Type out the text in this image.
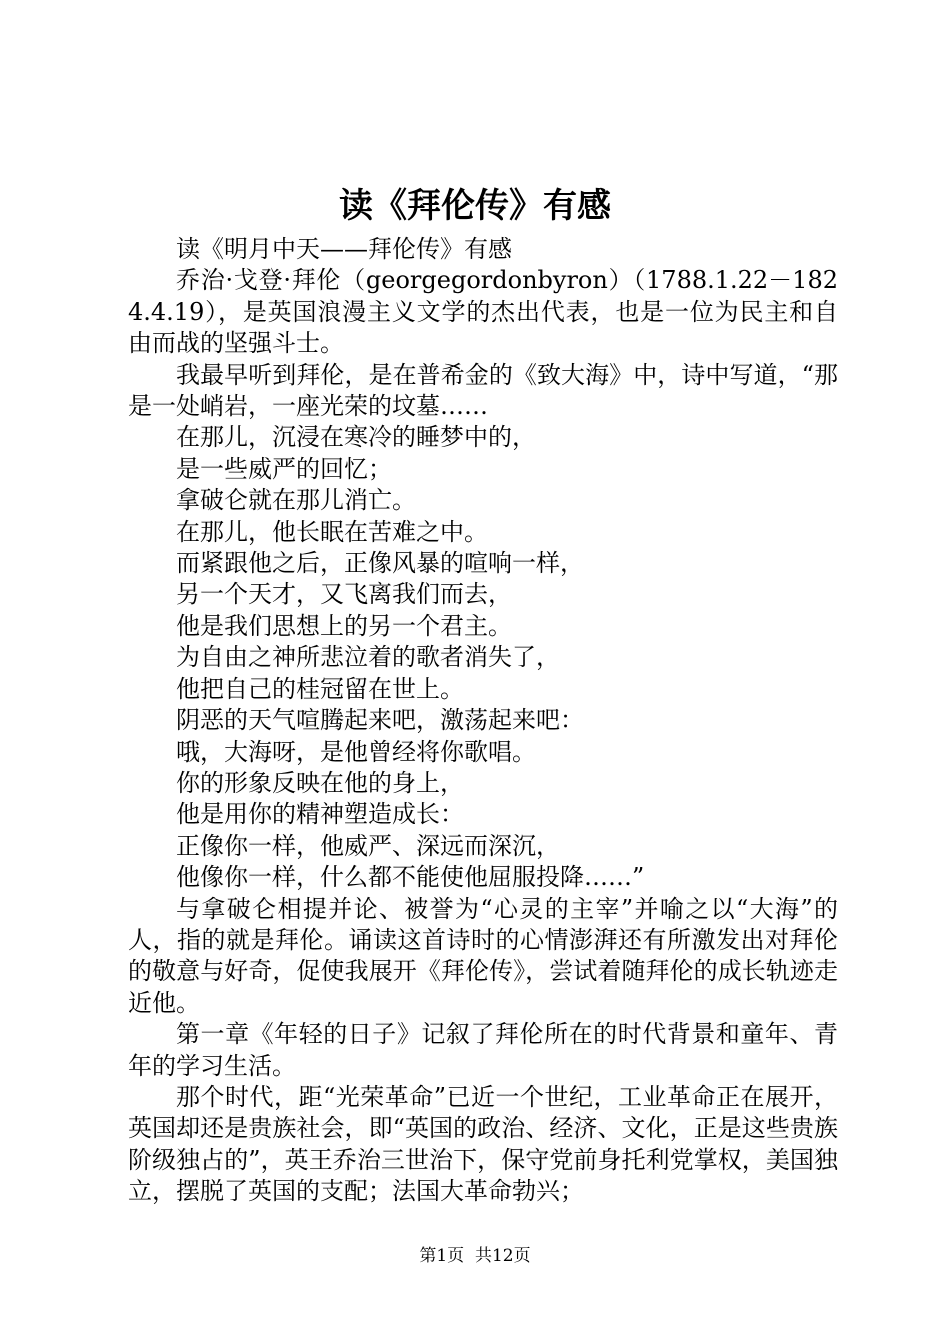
读《拜伦传》有感

读《明月中天——拜伦传》有感

乔治·戈登·拜伦（georgegordonbyron）（1788.1.22－1824.4.19），是英国浪漫主义文学的杰出代表，也是一位为民主和自由而战的坚强斗士。

我最早听到拜伦，是在普希金的《致大海》中，诗中写道，“那是一处峭岩，一座光荣的坟墓……

在那儿，沉浸在寒冷的睡梦中的，

是一些威严的回忆；

拿破仑就在那儿消亡。

在那儿，他长眠在苦难之中。

而紧跟他之后，正像风暴的喧响一样，

另一个天才，又飞离我们而去，

他是我们思想上的另一个君主。

为自由之神所悲泣着的歌者消失了，

他把自己的桂冠留在世上。

阴恶的天气喧腾起来吧，激荡起来吧：

哦，大海呀，是他曾经将你歌唱。

你的形象反映在他的身上，

他是用你的精神塑造成长：

正像你一样，他威严、深远而深沉，

他像你一样，什么都不能使他屈服投降……”

与拿破仑相提并论、被誉为“心灵的主宰”并喻之以“大海”的人，指的就是拜伦。诵读这首诗时的心情澎湃还有所激发出对拜伦的敬意与好奇，促使我展开《拜伦传》，尝试着随拜伦的成长轨迹走近他。

第一章《年轻的日子》记叙了拜伦所在的时代背景和童年、青年的学习生活。

那个时代，距“光荣革命”已近一个世纪，工业革命正在展开，英国却还是贵族社会，即“英国的政治、经济、文化，正是这些贵族阶级独占的”，英王乔治三世治下，保守党前身托利党掌权，美国独立，摆脱了英国的支配；法国大革命勃兴；

第1页  共12页
